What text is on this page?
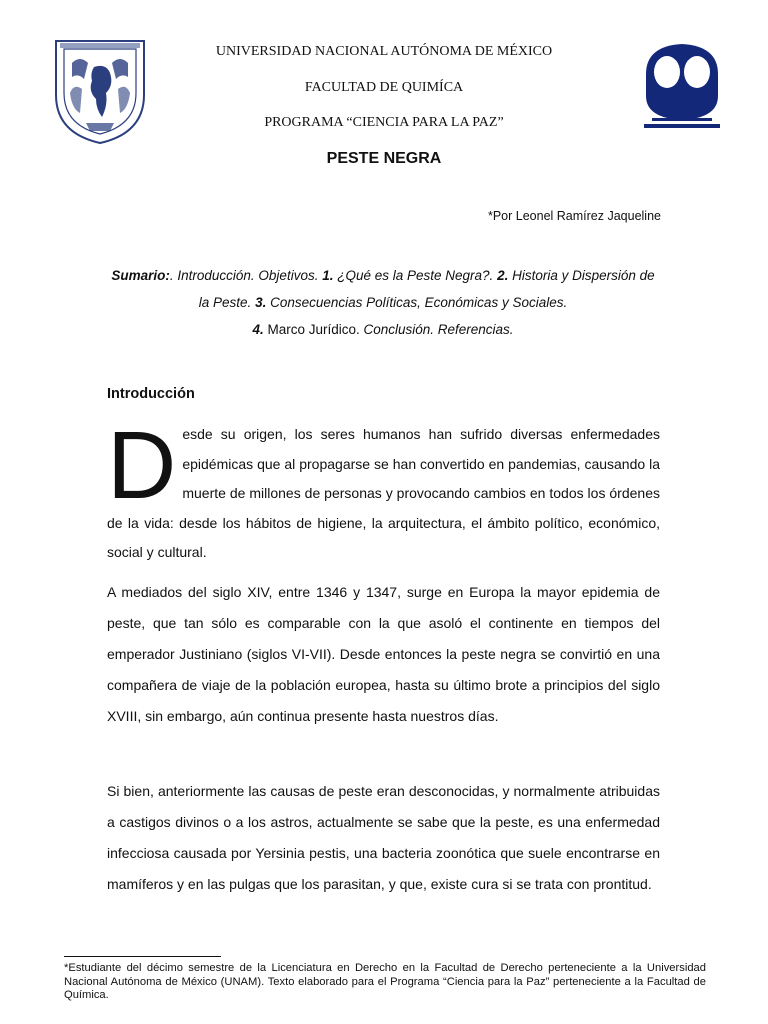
UNIVERSIDAD NACIONAL AUTÓNOMA DE MÉXICO
FACULTAD DE QUIMÍCA
PROGRAMA “CIENCIA PARA LA PAZ”
PESTE NEGRA
*Por Leonel Ramírez Jaqueline
Sumario:. Introducción. Objetivos. 1. ¿Qué es la Peste Negra?. 2. Historia y Dispersión de la Peste. 3. Consecuencias Políticas, Económicas y Sociales.
4. Marco Jurídico. Conclusión. Referencias.
Introducción

Desde su origen, los seres humanos han sufrido diversas enfermedades epidémicas que al propagarse se han convertido en pandemias, causando la muerte de millones de personas y provocando cambios en todos los órdenes de la vida: desde los hábitos de higiene, la arquitectura, el ámbito político, económico, social y cultural.

A mediados del siglo XIV, entre 1346 y 1347, surge en Europa la mayor epidemia de peste, que tan sólo es comparable con la que asoló el continente en tiempos del emperador Justiniano (siglos VI-VII). Desde entonces la peste negra se convirtió en una compañera de viaje de la población europea, hasta su último brote a principios del siglo XVIII, sin embargo, aún continua presente hasta nuestros días.

Si bien, anteriormente las causas de peste eran desconocidas, y normalmente atribuidas a castigos divinos o a los astros, actualmente se sabe que la peste, es una enfermedad infecciosa causada por Yersinia pestis, una bacteria zoonótica que suele encontrarse en mamíferos y en las pulgas que los parasitan, y que, existe cura si se trata con prontitud.

*Estudiante del décimo semestre de la Licenciatura en Derecho en la Facultad de Derecho perteneciente a la Universidad Nacional Autónoma de México (UNAM). Texto elaborado para el Programa “Ciencia para la Paz” perteneciente a la Facultad de Química.
